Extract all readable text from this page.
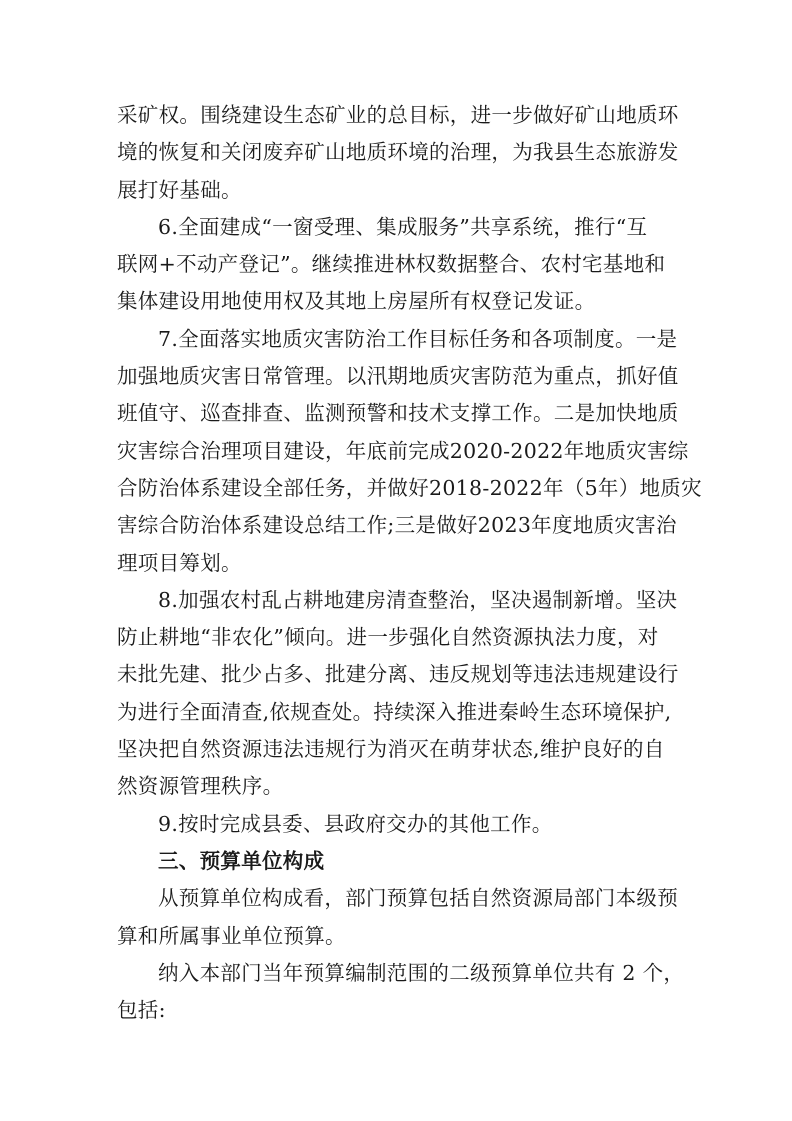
采矿权。围绕建设生态矿业的总目标，进一步做好矿山地质环
境的恢复和关闭废弃矿山地质环境的治理，为我县生态旅游发
展打好基础。
6.全面建成“一窗受理、集成服务”共享系统，推行“互
联网+不动产登记”。继续推进林权数据整合、农村宅基地和
集体建设用地使用权及其地上房屋所有权登记发证。
7.全面落实地质灾害防治工作目标任务和各项制度。一是
加强地质灾害日常管理。以汛期地质灾害防范为重点，抓好值
班值守、巡查排查、监测预警和技术支撑工作。二是加快地质
灾害综合治理项目建设，年底前完成2020-2022年地质灾害综
合防治体系建设全部任务，并做好2018-2022年（5年）地质灾
害综合防治体系建设总结工作;三是做好2023年度地质灾害治
理项目筹划。
8.加强农村乱占耕地建房清查整治，坚决遏制新增。坚决
防止耕地“非农化”倾向。进一步强化自然资源执法力度，对
未批先建、批少占多、批建分离、违反规划等违法违规建设行
为进行全面清查,依规查处。持续深入推进秦岭生态环境保护,
坚决把自然资源违法违规行为消灭在萌芽状态,维护良好的自
然资源管理秩序。
9.按时完成县委、县政府交办的其他工作。
三、预算单位构成
从预算单位构成看，部门预算包括自然资源局部门本级预
算和所属事业单位预算。
纳入本部门当年预算编制范围的二级预算单位共有 2 个，
包括:
